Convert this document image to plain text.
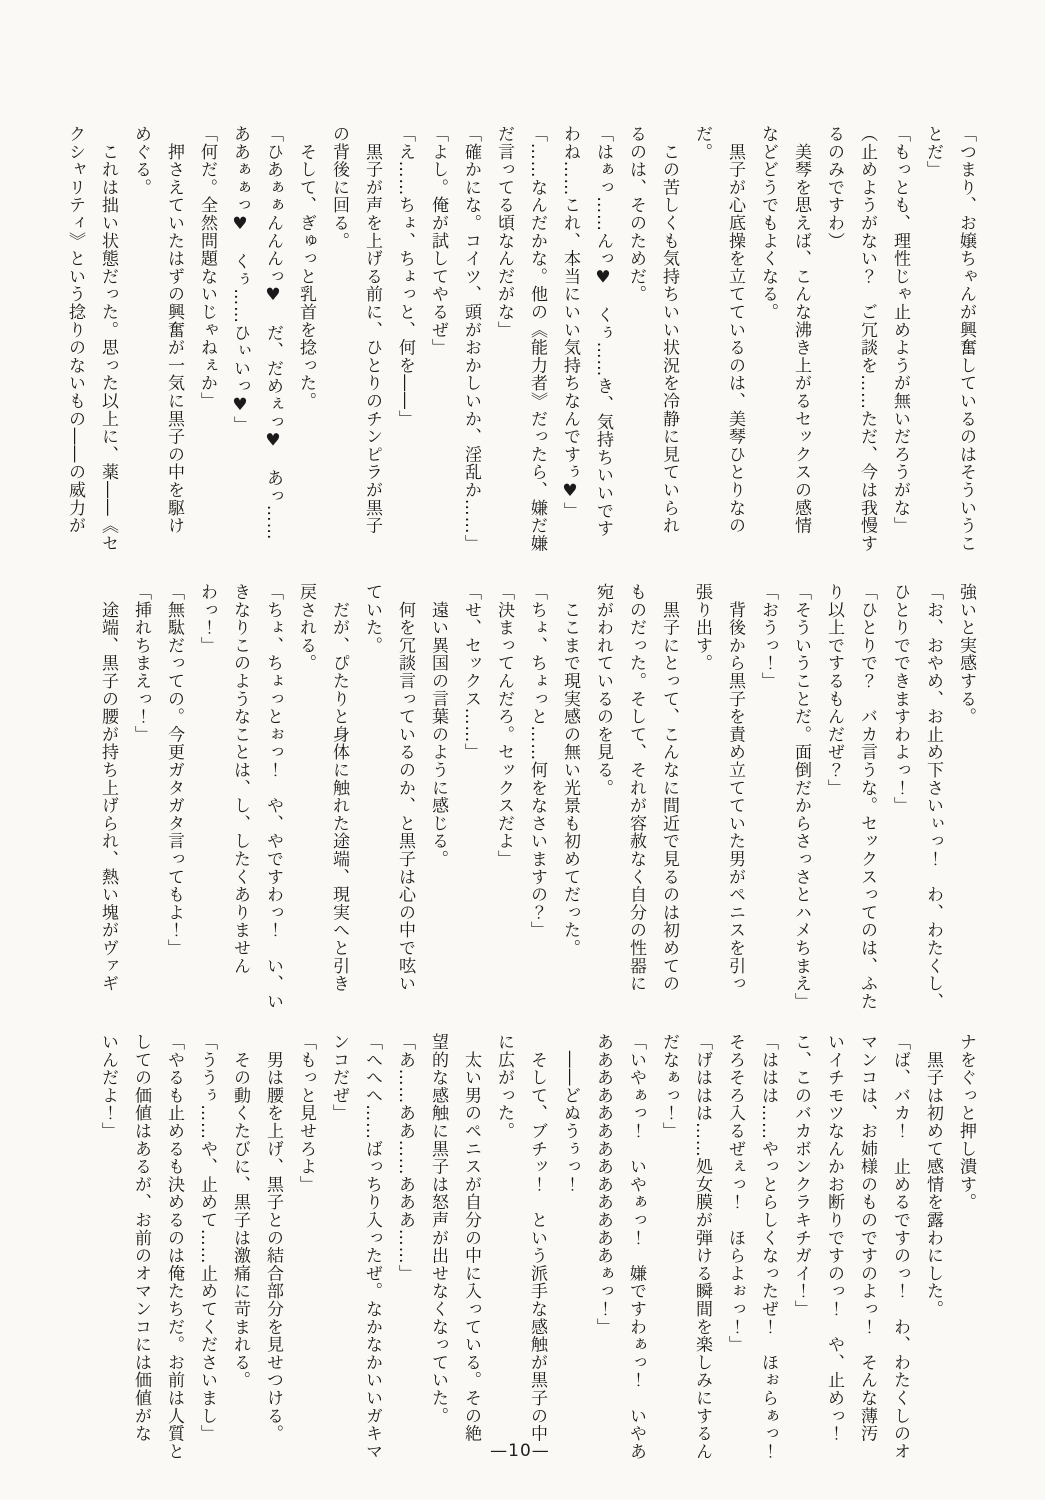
「つまり、お嬢ちゃんが興奮しているのはそういうこ

とだ」

「もっとも、理性じゃ止めようが無いだろうがな」

（止めようがない？　ご冗談を……ただ、今は我慢す

るのみですわ）

　美琴を思えば、こんな沸き上がるセックスの感情

などどうでもよくなる。

　黒子が心底操を立てているのは、美琴ひとりなの

だ。

　この苦しくも気持ちいい状況を冷静に見ていられ

るのは、そのためだ。

「はぁっ……んっ♥　くぅ……き、気持ちいいです

わね……これ、本当にいい気持ちなんですぅ♥」

「……なんだかな。他の《能力者》だったら、嫌だ嫌

だ言ってる頃なんだがな」

「確かにな。コイツ、頭がおかしいか、淫乱か……」

「よし。俺が試してやるぜ」

「え……ちょ、ちょっと、何を――」

　黒子が声を上げる前に、ひとりのチンピラが黒子

の背後に回る。

　そして、ぎゅっと乳首を捻った。

「ひあぁぁんんんっ♥　だ、だめぇっ♥　あっ……

ああぁぁっ♥　くぅ……ひぃいっ♥」

「何だ。全然問題ないじゃねぇか」

　押さえていたはずの興奮が一気に黒子の中を駆け

めぐる。

　これは拙い状態だった。思った以上に、薬――《セ

クシャリティ》という捻りのないもの――の威力が

強いと実感する。

「お、おやめ、お止め下さいぃっ！　わ、わたくし、

ひとりでできますわよっ！」

「ひとりで？　バカ言うな。セックスってのは、ふた

り以上でするもんだぜ？」

「そういうことだ。面倒だからさっさとハメちまえ」

「おうっ！」

　背後から黒子を責め立てていた男がペニスを引っ

張り出す。

　黒子にとって、こんなに間近で見るのは初めての

ものだった。そして、それが容赦なく自分の性器に

宛がわれているのを見る。

　ここまで現実感の無い光景も初めてだった。

「ちょ、ちょっと……何をなさいますの？」

「決まってんだろ。セックスだよ」

「せ、セックス……」

　遠い異国の言葉のように感じる。

　何を冗談言っているのか、と黒子は心の中で呟い

ていた。

　だが、ぴたりと身体に触れた途端、現実へと引き

戻される。

「ちょ、ちょっとぉっ！　や、やですわっ！　い、い

きなりこのようなことは、し、したくありません

わっ！」

「無駄だっての。今更ガタガタ言ってもよ！」

「挿れちまえっ！」

　途端、黒子の腰が持ち上げられ、熱い塊がヴァギ

ナをぐっと押し潰す。

　黒子は初めて感情を露わにした。

「ば、バカ！　止めるですのっ！　わ、わたくしのオ

マンコは、お姉様のものですのよっ！　そんな薄汚

いイチモツなんかお断りですのっ！　や、止めっ！

こ、このバカボンクラキチガイ！」

「ははは……やっとらしくなったぜ！　ほぉらぁっ！

そろそろ入るぜぇっ！　ほらよぉっ！」

「げははは……処女膜が弾ける瞬間を楽しみにするん

だなぁっ！」

「いやぁっ！　いやぁっ！　嫌ですわぁっ！　いやあ

あああああああああああああぁっ！」

　――どぬうぅっ！

　そして、ブチッ！　という派手な感触が黒子の中

に広がった。

　太い男のペニスが自分の中に入っている。その絶

望的な感触に黒子は怒声が出せなくなっていた。

「あ……ああ……あああ……」

「へへへ……ばっちり入ったぜ。なかなかいいガキマ

ンコだぜ」

「もっと見せろよ」

　男は腰を上げ、黒子との結合部分を見せつける。

　その動くたびに、黒子は激痛に苛まれる。

「ううぅ……や、止めて……止めてくださいまし」

「やるも止めるも決めるのは俺たちだ。お前は人質と

しての価値はあるが、お前のオマンコには価値がな

いんだよ！」

—10—
